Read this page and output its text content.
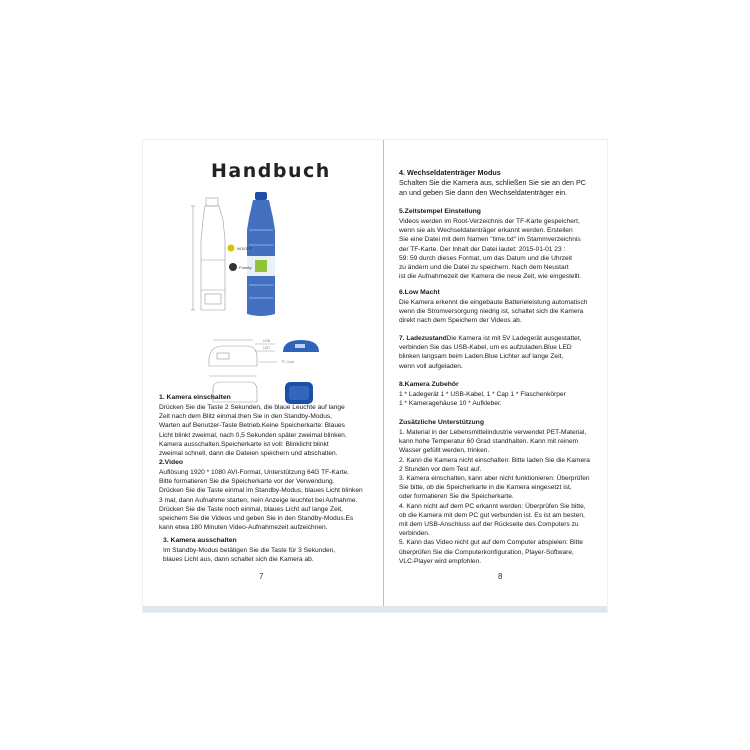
Handbuch
NO/OFF
Formty
USB
LED
TF-Card
1. Kamera einschalten

Drücken Sie die Taste 2 Sekunden, die blaue Leuchte auf lange
Zeit nach dem Blitz einmal.then Sie in den Standby-Modus,
Warten auf Benutzer-Taste Betrieb.Keine Speicherkarte: Blaues
Licht blinkt zweimal, nach 0,5 Sekunden später zweimal blinken.
Kamera ausschalten.Speicherkarte ist voll: Blinklicht blinkt
zweimal schnell, dann die Dateien speichern und abschalten.

2.Video

Auflösung 1920 * 1080 AVI-Format, Unterstützung 64G TF-Karte.
Bitte formatieren Sie die Speicherkarte vor der Verwendung.
Drücken Sie die Taste einmal im Standby-Modus, blaues Licht blinken
3 mal, dann Aufnahme starten, nein Anzeige leuchtet bei Aufnahme.
Drücken Sie die Taste noch einmal, blaues Licht auf lange Zeit,
speichern Sie die Videos und geben Sie in den Standby-Modus.Es
kann etwa 180 Minuten Video-Aufnahmezeit aufzeichnen.

3. Kamera ausschalten

Im Standby-Modus betätigen Sie die Taste für 3 Sekunden,
blaues Licht aus, dann schaltet sich die Kamera ab.

7
4. Wechseldatenträger Modus

Schalten Sie die Kamera aus, schließen Sie sie an den PC
an und geben Sie dann den Wechseldatenträger ein.

5.Zeitstempel Einstellung

Videos werden im Root-Verzeichnis der TF-Karte gespeichert,
wenn sie als Wechseldatenträger erkannt werden. Erstellen
Sie eine Datei mit dem Namen "time.txt" im Stammverzeichnis
der TF-Karte. Der Inhalt der Datei lautet: 2015-01-01 23 :
59: 59 durch dieses Format, um das Datum und die Uhrzeit
zu ändern und die Datei zu speichern. Nach dem Neustart
ist die Aufnahmezeit der Kamera die neue Zeit, wie eingestellt.

6.Low Macht

Die Kamera erkennt die eingebaute Batterieleistung automatisch
wenn die Stromversorgung niedrig ist, schaltet sich die Kamera
direkt nach dem Speichern der Videos ab.

7. LadezustandDie Kamera ist mit 5V Ladegerät ausgestattet,
verbinden Sie das USB-Kabel, um es aufzuladen.Blue LED
blinken langsam beim Laden.Blue Lichter auf lange Zeit,
wenn voll aufgeladen.

8.Kamera Zubehör

1 * Ladegerät 1 * USB-Kabel, 1 * Cap 1 * Flaschenkörper
1 * Kameragehäuse 10 * Aufkleber.

Zusätzliche Unterstützung

1. Material in der Lebensmittelindustrie verwendet PET-Material,
kann hohe Temperatur 60 Grad standhalten. Kann mit reinem
Wasser gefüllt werden, trinken.
2. Kann die Kamera nicht einschalten: Bitte laden Sie die Kamera
2 Stunden vor dem Test auf.
3. Kamera einschalten, kann aber nicht funktionieren: Überprüfen
Sie bitte, ob die Speicherkarte in die Kamera eingesetzt ist,
oder formatieren Sie die Speicherkarte.
4. Kann nicht auf dem PC erkannt werden: Überprüfen Sie bitte,
ob die Kamera mit dem PC gut verbunden ist. Es ist am besten,
mit dem USB-Anschluss auf der Rückseite des Computers zu
verbinden.
5. Kann das Video nicht gut auf dem Computer abspielen: Bitte
überprüfen Sie die Computerkonfiguration, Player-Software,
VLC-Player wird empfohlen.

8
